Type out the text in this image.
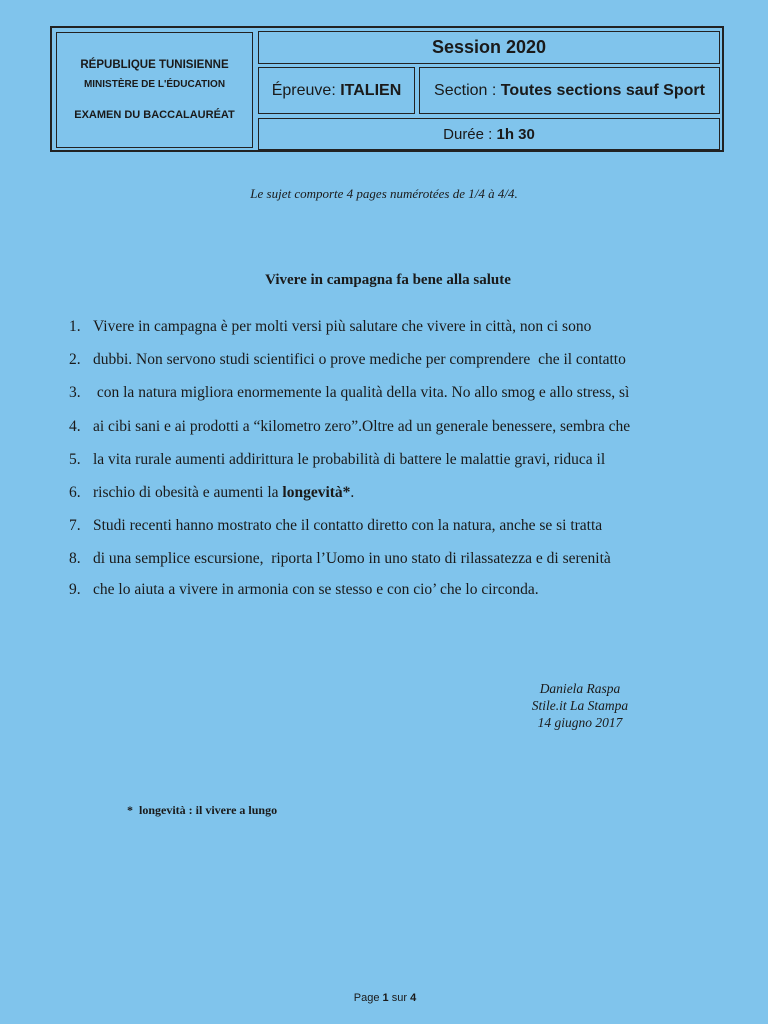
RÉPUBLIQUE TUNISIENNE
MINISTÈRE DE L'ÉDUCATION
EXAMEN DU BACCALAURÉAT
Session 2020
Épreuve: ITALIEN Section : Toutes sections sauf Sport
Durée : 1h 30
Le sujet comporte 4 pages numérotées de 1/4 à 4/4.
Vivere in campagna fa bene alla salute
1. Vivere in campagna è per molti versi più salutare che vivere in città, non ci sono
2. dubbi. Non servono studi scientifici o prove mediche per comprendere  che il contatto
3. con la natura migliora enormemente la qualità della vita. No allo smog e allo stress, sì
4. ai cibi sani e ai prodotti a “kilometro zero”.Oltre ad un generale benessere, sembra che
5. la vita rurale aumenti addirittura le probabilità di battere le malattie gravi, riduca il
6. rischio di obesità e aumenti la longevità*.
7. Studi recenti hanno mostrato che il contatto diretto con la natura, anche se si tratta
8. di una semplice escursione,  riporta l’Uomo in uno stato di rilassatezza e di serenità
9. che lo aiuta a vivere in armonia con se stesso e con cio’ che lo circonda.
Daniela Raspa
Stile.it La Stampa
14 giugno 2017
*  longevità : il vivere a lungo
Page 1 sur 4
